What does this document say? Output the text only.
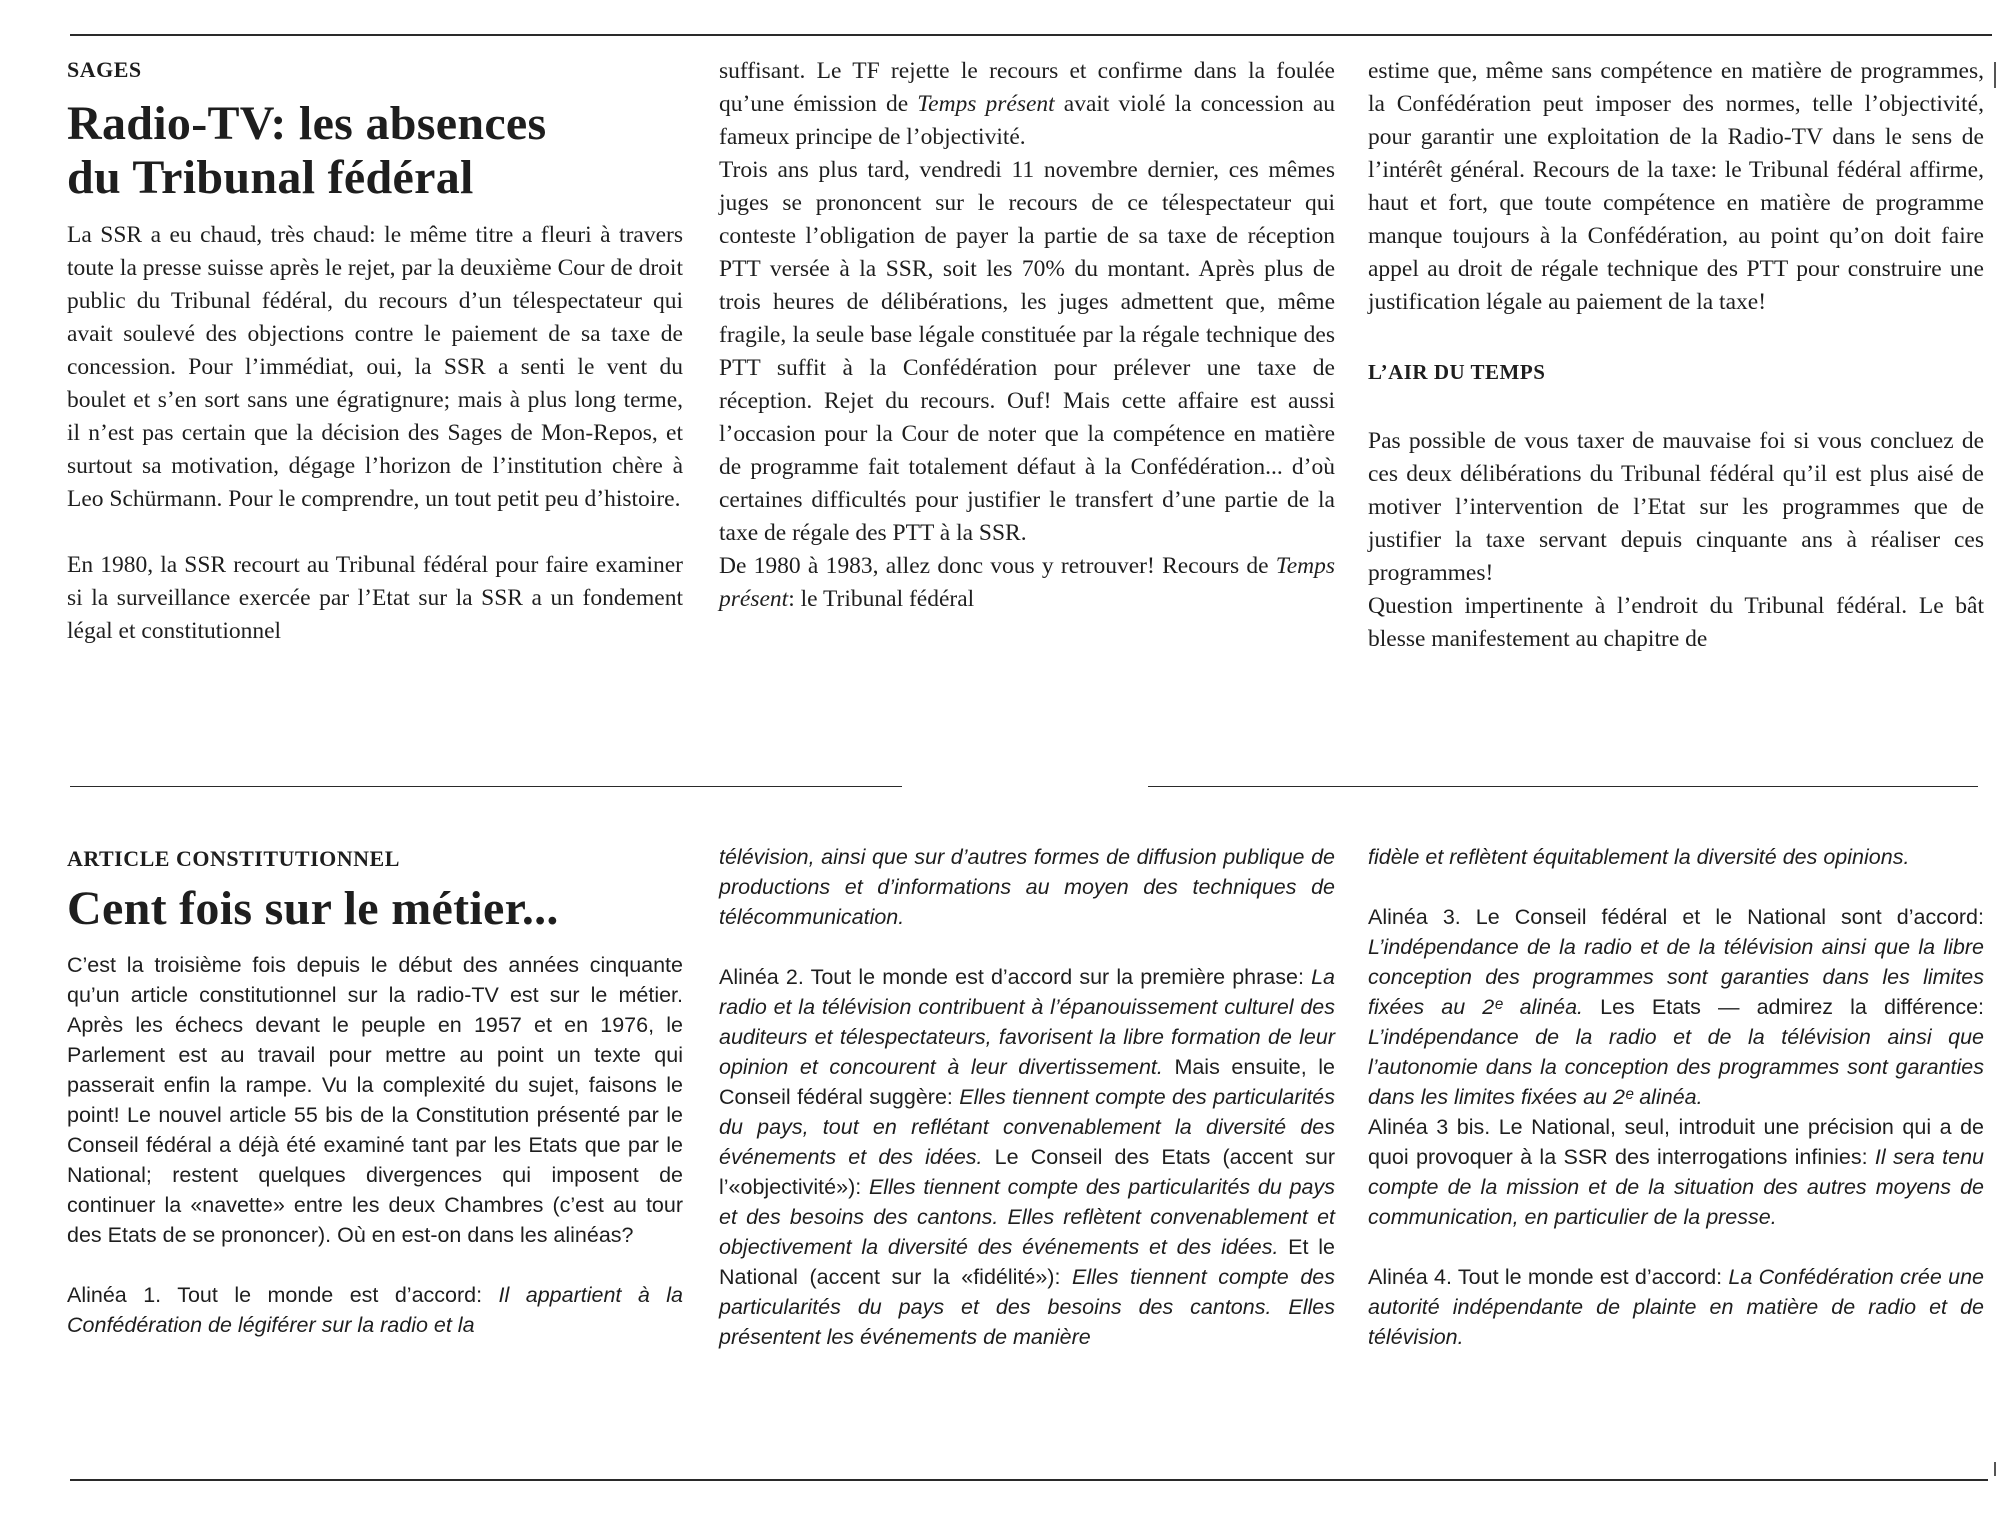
SAGES
Radio-TV: les absences
du Tribunal fédéral

La SSR a eu chaud, très chaud: le même titre a fleuri à travers toute la presse suisse après le rejet, par la deuxième Cour de droit public du Tribunal fédéral, du recours d’un télespectateur qui avait soulevé des objections contre le paiement de sa taxe de concession. Pour l’immédiat, oui, la SSR a senti le vent du boulet et s’en sort sans une égratignure; mais à plus long terme, il n’est pas certain que la décision des Sages de Mon-Repos, et surtout sa motivation, dégage l’horizon de l’institution chère à Leo Schürmann. Pour le comprendre, un tout petit peu d’histoire.

En 1980, la SSR recourt au Tribunal fédéral pour faire examiner si la surveillance exercée par l’Etat sur la SSR a un fondement légal et constitutionnel

suffisant. Le TF rejette le recours et confirme dans la foulée qu’une émission de Temps présent avait violé la concession au fameux principe de l’objectivité.

Trois ans plus tard, vendredi 11 novembre dernier, ces mêmes juges se prononcent sur le recours de ce télespectateur qui conteste l’obligation de payer la partie de sa taxe de réception PTT versée à la SSR, soit les 70% du montant. Après plus de trois heures de délibérations, les juges admettent que, même fragile, la seule base légale constituée par la régale technique des PTT suffit à la Confédération pour prélever une taxe de réception. Rejet du recours. Ouf! Mais cette affaire est aussi l’occasion pour la Cour de noter que la compétence en matière de programme fait totalement défaut à la Confédération... d’où certaines difficultés pour justifier le transfert d’une partie de la taxe de régale des PTT à la SSR.

De 1980 à 1983, allez donc vous y retrouver! Recours de Temps présent: le Tribunal fédéral

estime que, même sans compétence en matière de programmes, la Confédération peut imposer des normes, telle l’objectivité, pour garantir une exploitation de la Radio-TV dans le sens de l’intérêt général. Recours de la taxe: le Tribunal fédéral affirme, haut et fort, que toute compétence en matière de programme manque toujours à la Confédération, au point qu’on doit faire appel au droit de régale technique des PTT pour construire une justification légale au paiement de la taxe!

L’AIR DU TEMPS

Pas possible de vous taxer de mauvaise foi si vous concluez de ces deux délibérations du Tribunal fédéral qu’il est plus aisé de motiver l’intervention de l’Etat sur les programmes que de justifier la taxe servant depuis cinquante ans à réaliser ces programmes!

Question impertinente à l’endroit du Tribunal fédéral. Le bât blesse manifestement au chapitre de

ARTICLE CONSTITUTIONNEL
Cent fois sur le métier...

C’est la troisième fois depuis le début des années cinquante qu’un article constitutionnel sur la radio-TV est sur le métier. Après les échecs devant le peuple en 1957 et en 1976, le Parlement est au travail pour mettre au point un texte qui passerait enfin la rampe. Vu la complexité du sujet, faisons le point! Le nouvel article 55 bis de la Constitution présenté par le Conseil fédéral a déjà été examiné tant par les Etats que par le National; restent quelques divergences qui imposent de continuer la «navette» entre les deux Chambres (c’est au tour des Etats de se prononcer). Où en est-on dans les alinéas?

Alinéa 1. Tout le monde est d’accord: Il appartient à la Confédération de légiférer sur la radio et la

télévision, ainsi que sur d’autres formes de diffusion publique de productions et d’informations au moyen des techniques de télécommunication.

Alinéa 2. Tout le monde est d’accord sur la première phrase: La radio et la télévision contribuent à l’épanouissement culturel des auditeurs et télespectateurs, favorisent la libre formation de leur opinion et concourent à leur divertissement. Mais ensuite, le Conseil fédéral suggère: Elles tiennent compte des particularités du pays, tout en reflétant convenablement la diversité des événements et des idées. Le Conseil des Etats (accent sur l’«objectivité»): Elles tiennent compte des particularités du pays et des besoins des cantons. Elles reflètent convenablement et objectivement la diversité des événements et des idées. Et le National (accent sur la «fidélité»): Elles tiennent compte des particularités du pays et des besoins des cantons. Elles présentent les événements de manière

fidèle et reflètent équitablement la diversité des opinions.

Alinéa 3. Le Conseil fédéral et le National sont d’accord: L’indépendance de la radio et de la télévision ainsi que la libre conception des programmes sont garanties dans les limites fixées au 2ᵉ alinéa. Les Etats — admirez la différence: L’indépendance de la radio et de la télévision ainsi que l’autonomie dans la conception des programmes sont garanties dans les limites fixées au 2ᵉ alinéa.

Alinéa 3 bis. Le National, seul, introduit une précision qui a de quoi provoquer à la SSR des interrogations infinies: Il sera tenu compte de la mission et de la situation des autres moyens de communication, en particulier de la presse.

Alinéa 4. Tout le monde est d’accord: La Confédération crée une autorité indépendante de plainte en matière de radio et de télévision.
